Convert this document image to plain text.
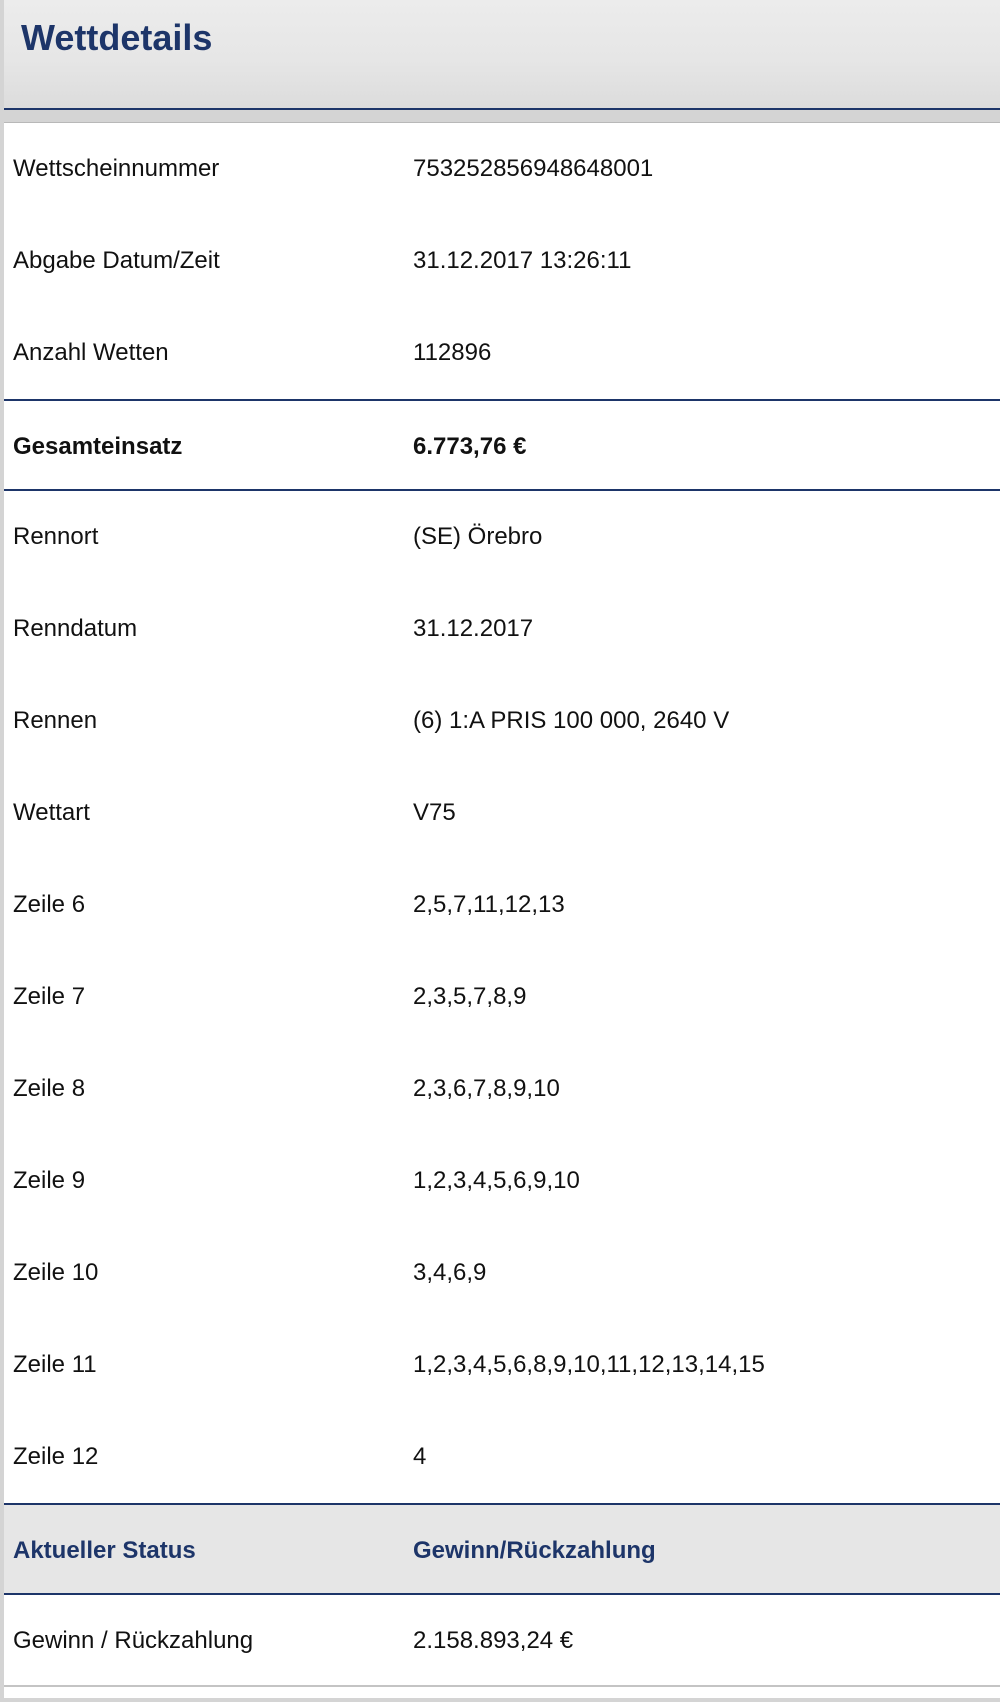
Wettdetails
Wettscheinnummer	753252856948648001
Abgabe Datum/Zeit	31.12.2017 13:26:11
Anzahl Wetten	112896
Gesamteinsatz	6.773,76 €
Rennort	(SE) Örebro
Renndatum	31.12.2017
Rennen	(6) 1:A PRIS 100 000, 2640 V
Wettart	V75
Zeile 6	2,5,7,11,12,13
Zeile 7	2,3,5,7,8,9
Zeile 8	2,3,6,7,8,9,10
Zeile 9	1,2,3,4,5,6,9,10
Zeile 10	3,4,6,9
Zeile 11	1,2,3,4,5,6,8,9,10,11,12,13,14,15
Zeile 12	4
Aktueller Status	Gewinn/Rückzahlung
Gewinn / Rückzahlung	2.158.893,24 €
